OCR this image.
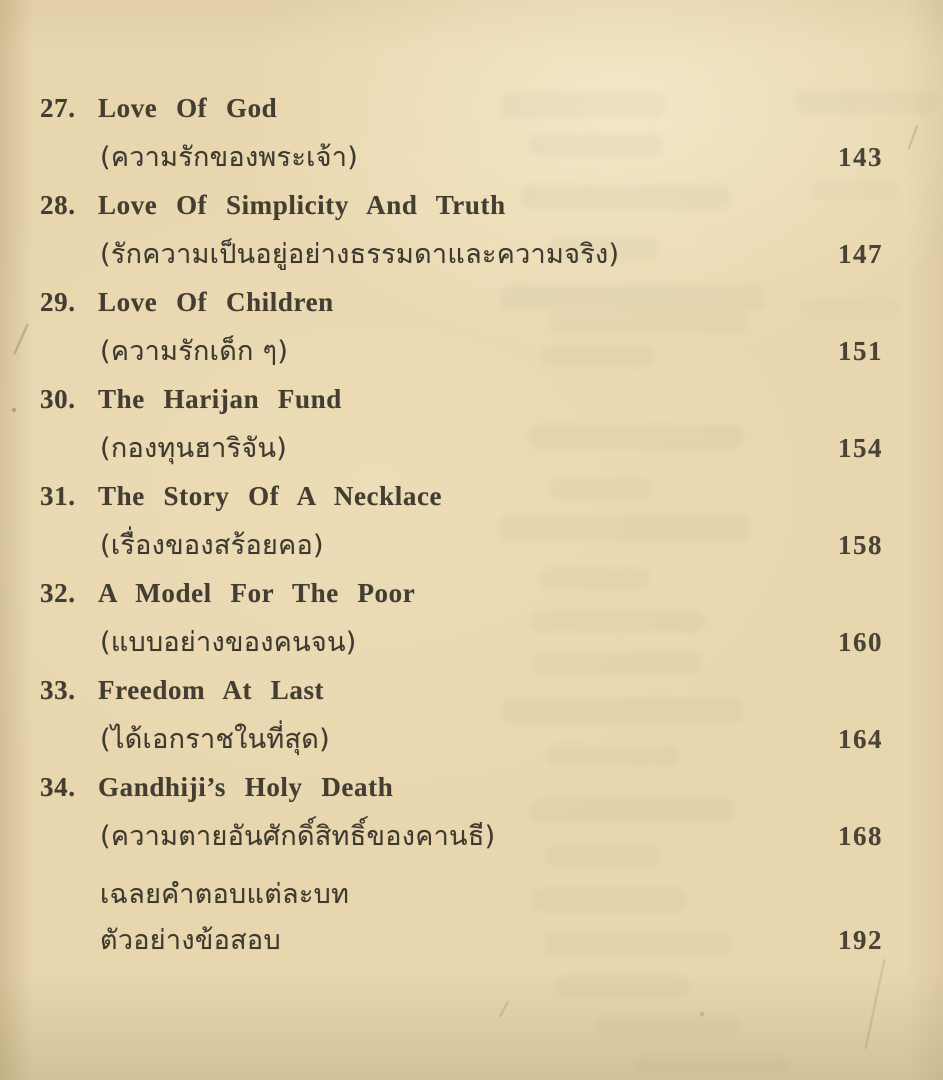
27. Love Of God
(ความรักของพระเจ้า)	143
28. Love Of Simplicity And Truth
(รักความเป็นอยู่อย่างธรรมดาและความจริง)	147
29. Love Of Children
(ความรักเด็ก ๆ)	151
30. The Harijan Fund
(กองทุนฮาริจัน)	154
31. The Story Of A Necklace
(เรื่องของสร้อยคอ)	158
32. A Model For The Poor
(แบบอย่างของคนจน)	160
33. Freedom At Last
(ได้เอกราชในที่สุด)	164
34. Gandhiji’s Holy Death
(ความตายอันศักดิ์สิทธิ์ของคานธี)	168
เฉลยคำตอบแต่ละบท
ตัวอย่างข้อสอบ	192
